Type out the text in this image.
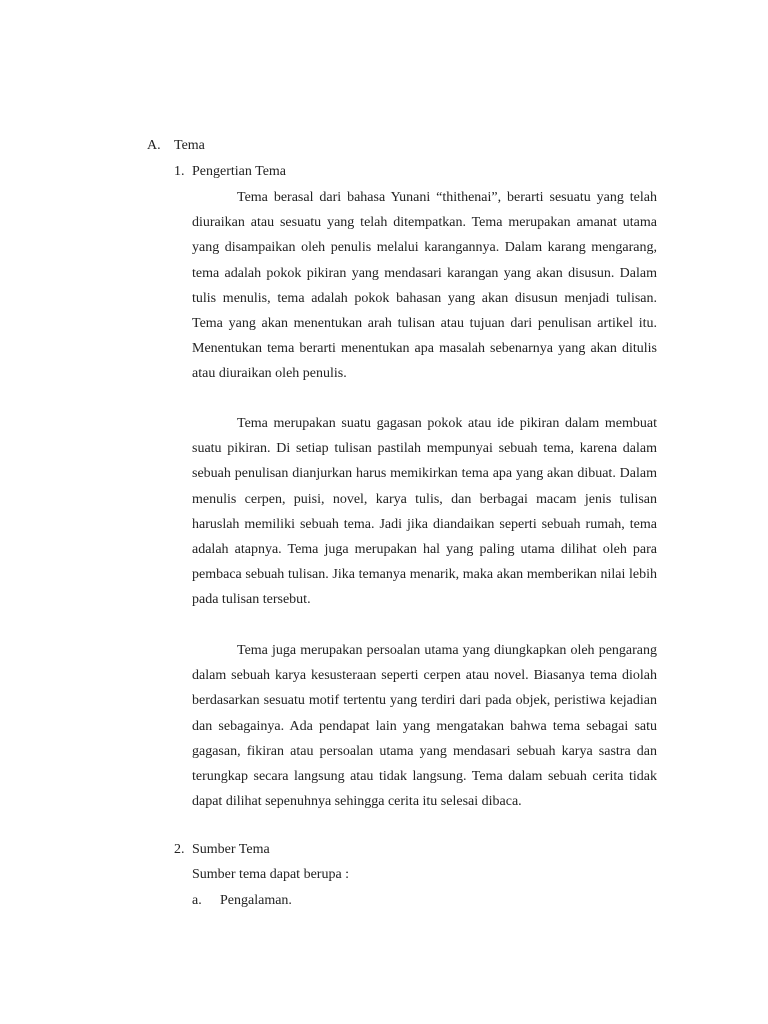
A. Tema
1. Pengertian Tema

Tema berasal dari bahasa Yunani “thithenai”, berarti sesuatu yang telah diuraikan atau sesuatu yang telah ditempatkan. Tema merupakan amanat utama yang disampaikan oleh penulis melalui karangannya. Dalam karang mengarang, tema adalah pokok pikiran yang mendasari karangan yang akan disusun. Dalam tulis menulis, tema adalah pokok bahasan yang akan disusun menjadi tulisan. Tema yang akan menentukan arah tulisan atau tujuan dari penulisan artikel itu. Menentukan tema berarti menentukan apa masalah sebenarnya yang akan ditulis atau diuraikan oleh penulis.

Tema merupakan suatu gagasan pokok atau ide pikiran dalam membuat suatu pikiran. Di setiap tulisan pastilah mempunyai sebuah tema, karena dalam sebuah penulisan dianjurkan harus memikirkan tema apa yang akan dibuat. Dalam menulis cerpen, puisi, novel, karya tulis, dan berbagai macam jenis tulisan haruslah memiliki sebuah tema. Jadi jika diandaikan seperti sebuah rumah, tema adalah atapnya. Tema juga merupakan hal yang paling utama dilihat oleh para pembaca sebuah tulisan. Jika temanya menarik, maka akan memberikan nilai lebih pada tulisan tersebut.

Tema juga merupakan persoalan utama yang diungkapkan oleh pengarang dalam sebuah karya kesusteraan seperti cerpen atau novel. Biasanya tema diolah berdasarkan sesuatu motif tertentu yang terdiri dari pada objek, peristiwa kejadian dan sebagainya. Ada pendapat lain yang mengatakan bahwa tema sebagai satu gagasan, fikiran atau persoalan utama yang mendasari sebuah karya sastra dan terungkap secara langsung atau tidak langsung. Tema dalam sebuah cerita tidak dapat dilihat sepenuhnya sehingga cerita itu selesai dibaca.

2. Sumber Tema
Sumber tema dapat berupa :
a. Pengalaman.
